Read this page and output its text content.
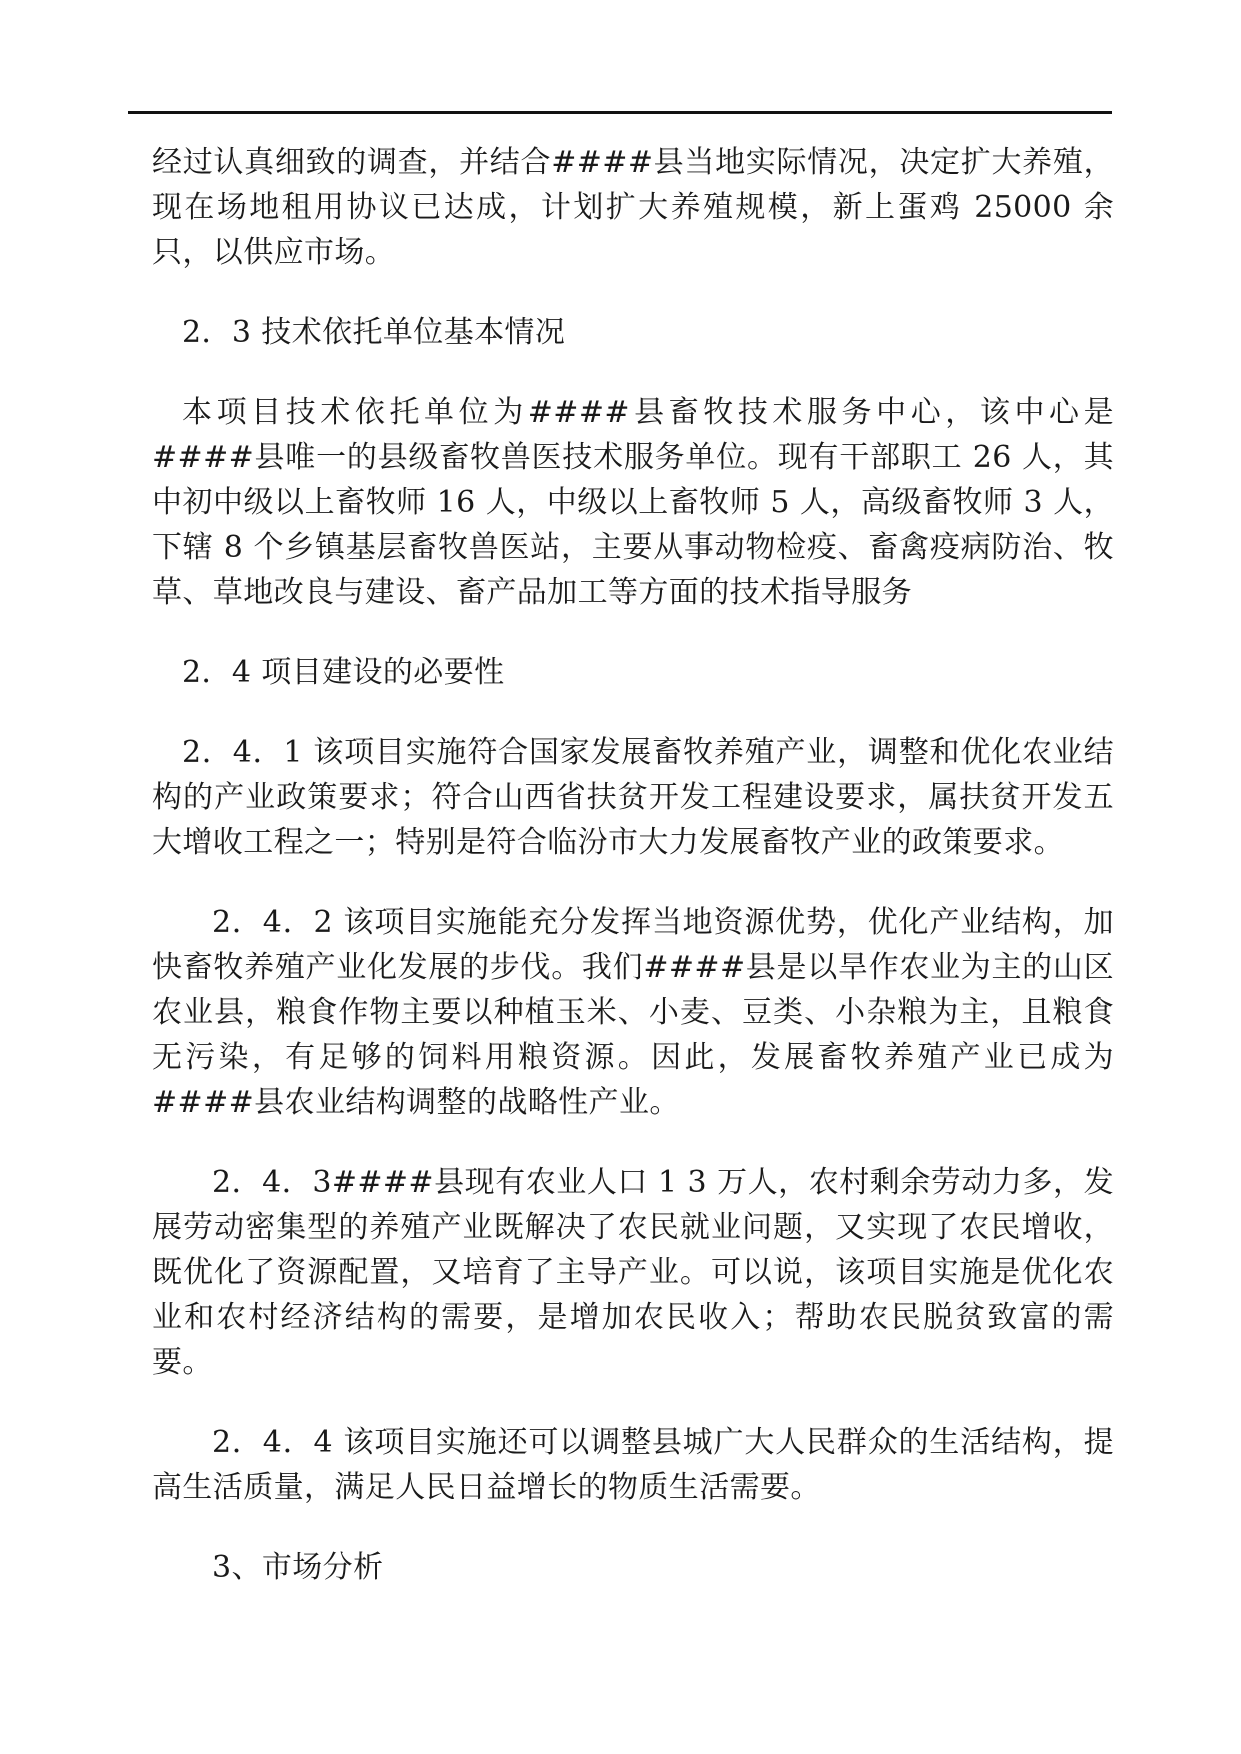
经过认真细致的调查，并结合####县当地实际情况，决定扩大养殖，现在场地租用协议已达成，计划扩大养殖规模，新上蛋鸡 25000 余只，以供应市场。

2．3 技术依托单位基本情况

本项目技术依托单位为####县畜牧技术服务中心，该中心是####县唯一的县级畜牧兽医技术服务单位。现有干部职工 26 人，其中初中级以上畜牧师 16 人，中级以上畜牧师 5 人，高级畜牧师 3 人，下辖 8 个乡镇基层畜牧兽医站，主要从事动物检疫、畜禽疫病防治、牧草、草地改良与建设、畜产品加工等方面的技术指导服务

2．4 项目建设的必要性

2．4．1 该项目实施符合国家发展畜牧养殖产业，调整和优化农业结构的产业政策要求；符合山西省扶贫开发工程建设要求，属扶贫开发五大增收工程之一；特别是符合临汾市大力发展畜牧产业的政策要求。

2．4．2 该项目实施能充分发挥当地资源优势，优化产业结构，加快畜牧养殖产业化发展的步伐。我们####县是以旱作农业为主的山区农业县，粮食作物主要以种植玉米、小麦、豆类、小杂粮为主，且粮食无污染，有足够的饲料用粮资源。因此，发展畜牧养殖产业已成为####县农业结构调整的战略性产业。

2．4．3####县现有农业人口 1 3 万人，农村剩余劳动力多，发展劳动密集型的养殖产业既解决了农民就业问题，又实现了农民增收，既优化了资源配置，又培育了主导产业。可以说，该项目实施是优化农业和农村经济结构的需要，是增加农民收入；帮助农民脱贫致富的需要。

2．4．4 该项目实施还可以调整县城广大人民群众的生活结构，提高生活质量，满足人民日益增长的物质生活需要。

3、市场分析
